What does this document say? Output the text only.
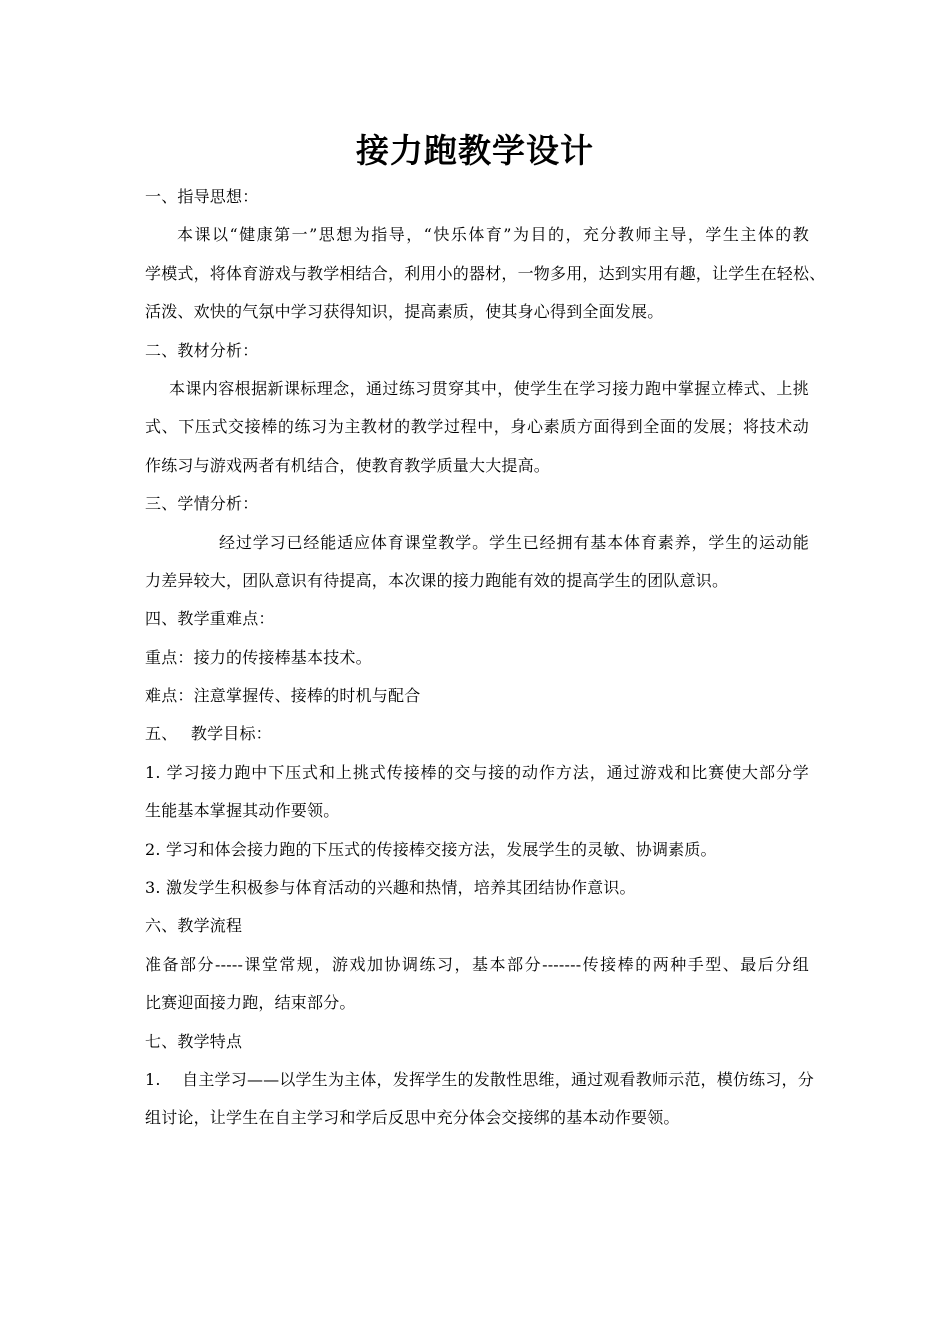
接力跑教学设计
一、指导思想：
本课以“健康第一”思想为指导，“快乐体育”为目的，充分教师主导，学生主体的教
学模式，将体育游戏与教学相结合，利用小的器材，一物多用，达到实用有趣，让学生在轻松、
活泼、欢快的气氛中学习获得知识，提高素质，使其身心得到全面发展。
二、教材分析：
本课内容根据新课标理念，通过练习贯穿其中，使学生在学习接力跑中掌握立棒式、上挑
式、下压式交接棒的练习为主教材的教学过程中，身心素质方面得到全面的发展；将技术动
作练习与游戏两者有机结合，使教育教学质量大大提高。
三、学情分析：
经过学习已经能适应体育课堂教学。学生已经拥有基本体育素养，学生的运动能
力差异较大，团队意识有待提高，本次课的接力跑能有效的提高学生的团队意识。
四、教学重难点：
重点：接力的传接棒基本技术。
难点：注意掌握传、接棒的时机与配合
五、　 教学目标：
1. 学习接力跑中下压式和上挑式传接棒的交与接的动作方法，通过游戏和比赛使大部分学
生能基本掌握其动作要领。
2. 学习和体会接力跑的下压式的传接棒交接方法，发展学生的灵敏、协调素质。
3. 激发学生积极参与体育活动的兴趣和热情，培养其团结协作意识。
六、教学流程
准备部分-----课堂常规，游戏加协调练习，基本部分-------传接棒的两种手型、最后分组
比赛迎面接力跑，结束部分。
七、教学特点
1.　 自主学习——以学生为主体，发挥学生的发散性思维，通过观看教师示范，模仿练习，分
组讨论，让学生在自主学习和学后反思中充分体会交接绑的基本动作要领。
